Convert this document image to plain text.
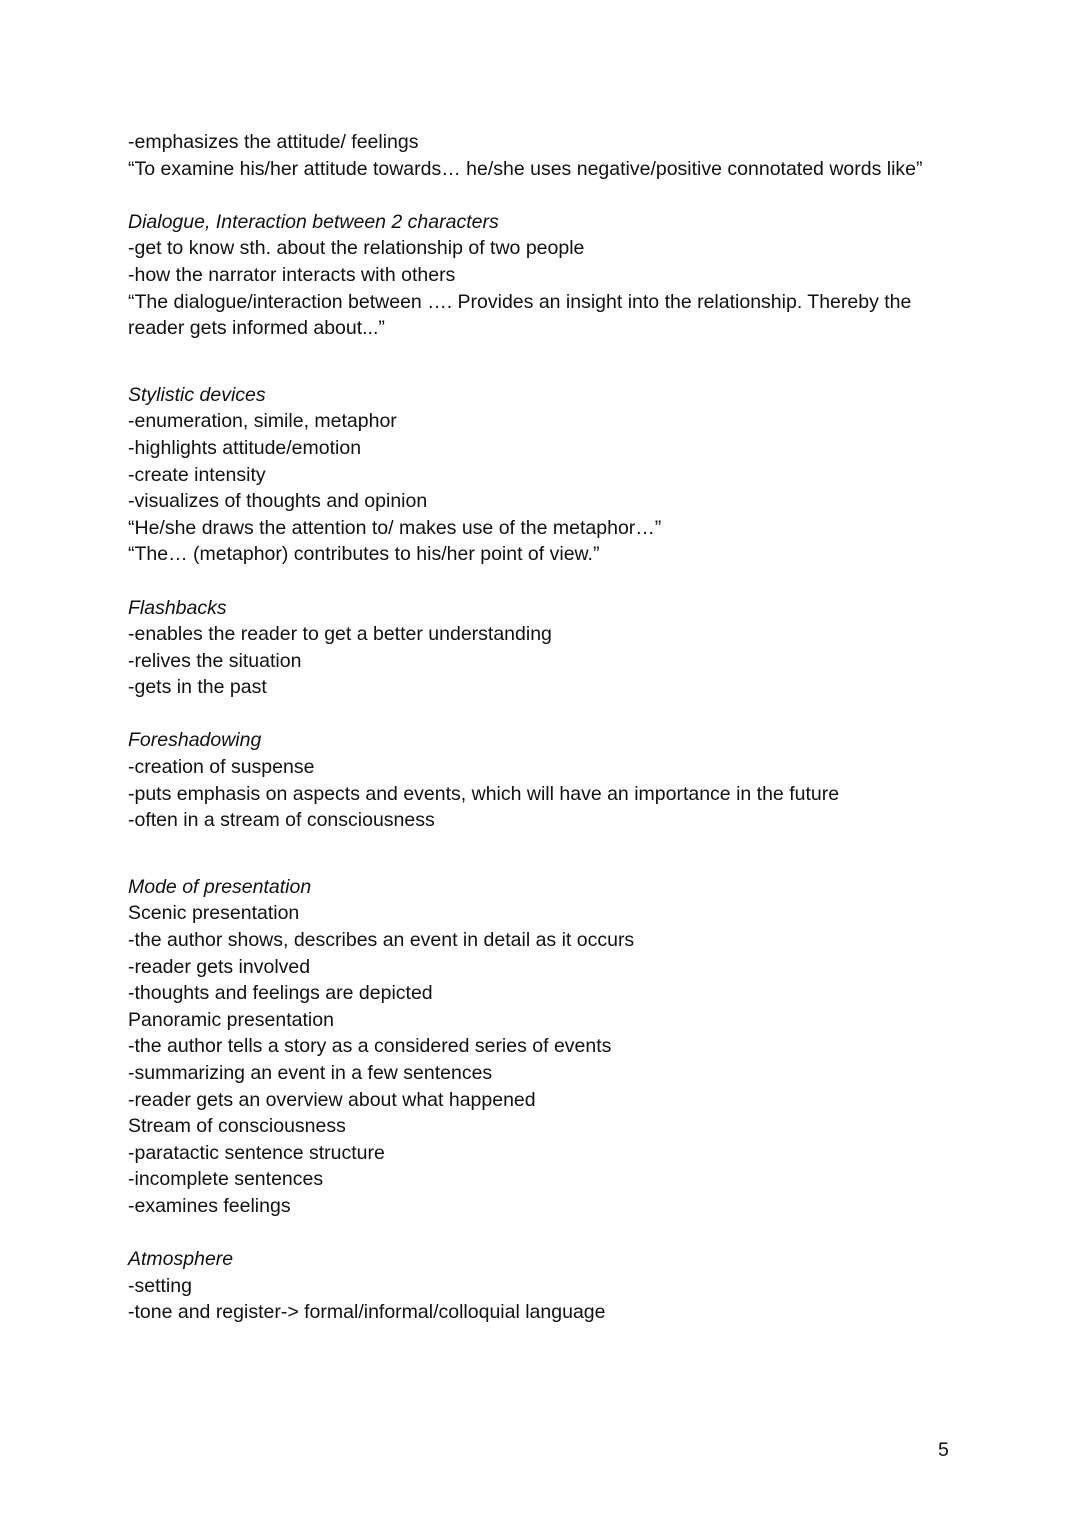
-emphasizes the attitude/ feelings
“To examine his/her attitude towards… he/she uses negative/positive connotated words like”
Dialogue, Interaction between 2 characters
-get to know sth. about the relationship of two people
-how the narrator interacts with others
“The dialogue/interaction between …. Provides an insight into the relationship. Thereby the reader gets informed about...”
Stylistic devices
-enumeration, simile, metaphor
-highlights attitude/emotion
-create intensity
-visualizes of thoughts and opinion
“He/she draws the attention to/ makes use of the metaphor…”
“The… (metaphor) contributes to his/her point of view.”
Flashbacks
-enables the reader to get a better understanding
-relives the situation
-gets in the past
Foreshadowing
-creation of suspense
-puts emphasis on aspects and events, which will have an importance in the future
-often in a stream of consciousness
Mode of presentation
Scenic presentation
-the author shows, describes an event in detail as it occurs
-reader gets involved
-thoughts and feelings are depicted
Panoramic presentation
-the author tells a story as a considered series of events
-summarizing an event in a few sentences
-reader gets an overview about what happened
Stream of consciousness
-paratactic sentence structure
-incomplete sentences
-examines feelings
Atmosphere
-setting
-tone and register-> formal/informal/colloquial language
5
